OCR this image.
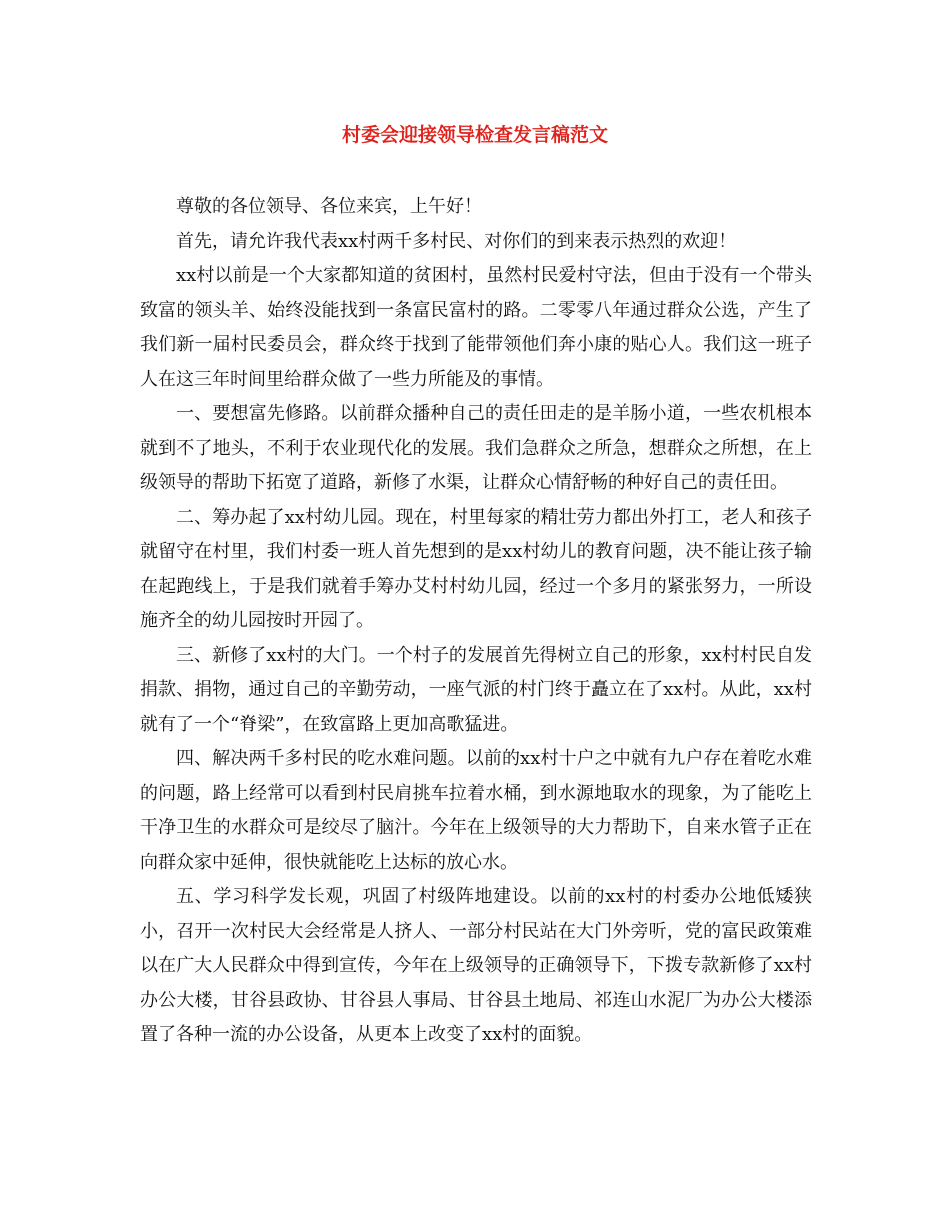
村委会迎接领导检查发言稿范文

尊敬的各位领导、各位来宾，上午好！

首先，请允许我代表xx村两千多村民、对你们的到来表示热烈的欢迎！

xx村以前是一个大家都知道的贫困村，虽然村民爱村守法，但由于没有一个带头致富的领头羊、始终没能找到一条富民富村的路。二零零八年通过群众公选，产生了我们新一届村民委员会，群众终于找到了能带领他们奔小康的贴心人。我们这一班子人在这三年时间里给群众做了一些力所能及的事情。

一、要想富先修路。以前群众播种自己的责任田走的是羊肠小道，一些农机根本就到不了地头，不利于农业现代化的发展。我们急群众之所急，想群众之所想，在上级领导的帮助下拓宽了道路，新修了水渠，让群众心情舒畅的种好自己的责任田。

二、筹办起了xx村幼儿园。现在，村里每家的精壮劳力都出外打工，老人和孩子就留守在村里，我们村委一班人首先想到的是xx村幼儿的教育问题，决不能让孩子输在起跑线上，于是我们就着手筹办艾村村幼儿园，经过一个多月的紧张努力，一所设施齐全的幼儿园按时开园了。

三、新修了xx村的大门。一个村子的发展首先得树立自己的形象，xx村村民自发捐款、捐物，通过自己的辛勤劳动，一座气派的村门终于矗立在了xx村。从此，xx村就有了一个“脊梁”，在致富路上更加高歌猛进。

四、解决两千多村民的吃水难问题。以前的xx村十户之中就有九户存在着吃水难的问题，路上经常可以看到村民肩挑车拉着水桶，到水源地取水的现象，为了能吃上干净卫生的水群众可是绞尽了脑汁。今年在上级领导的大力帮助下，自来水管子正在向群众家中延伸，很快就能吃上达标的放心水。

五、学习科学发长观，巩固了村级阵地建设。以前的xx村的村委办公地低矮狭小，召开一次村民大会经常是人挤人、一部分村民站在大门外旁听，党的富民政策难以在广大人民群众中得到宣传，今年在上级领导的正确领导下，下拨专款新修了xx村办公大楼，甘谷县政协、甘谷县人事局、甘谷县土地局、祁连山水泥厂为办公大楼添置了各种一流的办公设备，从更本上改变了xx村的面貌。
